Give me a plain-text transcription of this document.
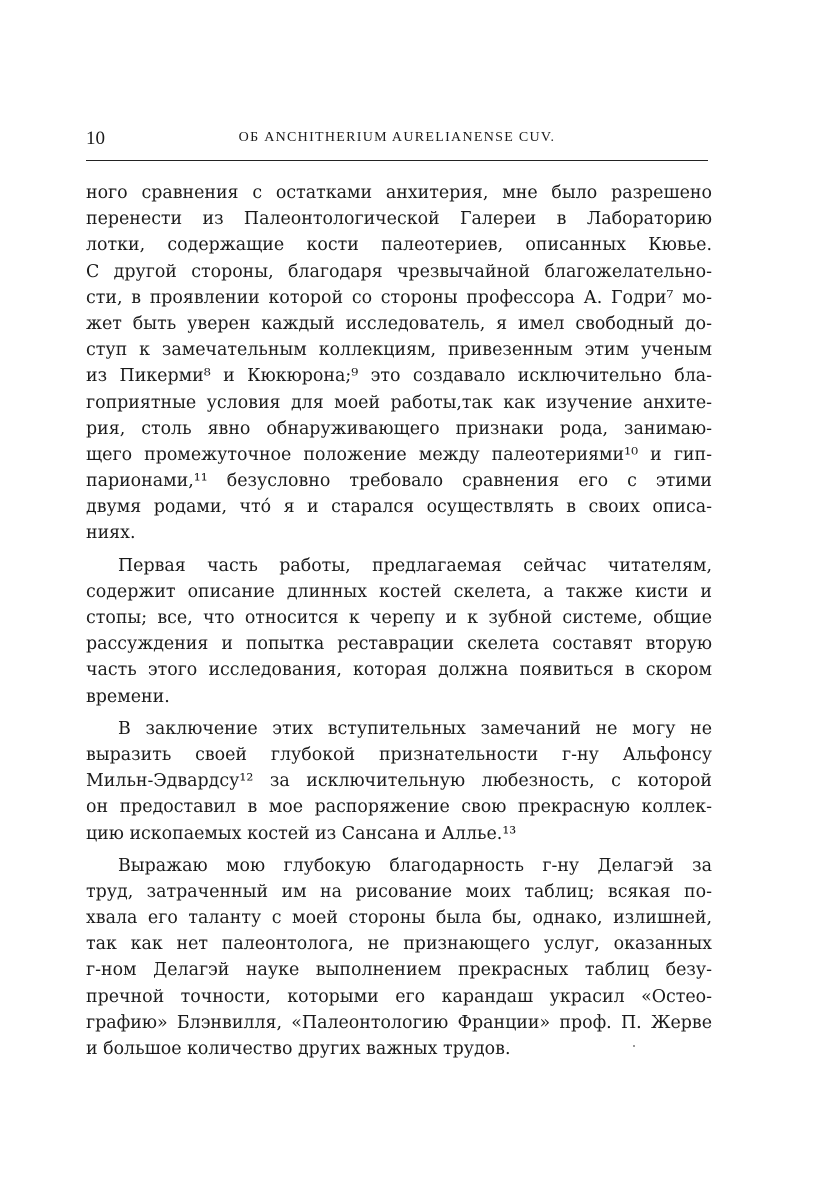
10	ОБ ANCHITHERIUM AURELIANENSE CUV.
ного сравнения с остатками анхитерия, мне было разрешено
перенести из Палеонтологической Галереи в Лабораторию
лотки, содержащие кости палеотериев, описанных Кювье.
С другой стороны, благодаря чрезвычайной благожелательно-
сти, в проявлении которой со стороны профессора А. Годри⁷ мо-
жет быть уверен каждый исследователь, я имел свободный до-
ступ к замечательным коллекциям, привезенным этим ученым
из Пикерми⁸ и Кюкюрона;⁹ это создавало исключительно бла-
гоприятные условия для моей работы,так как изучение анхите-
рия, столь явно обнаруживающего признаки рода, занимаю-
щего промежуточное положение между палеотериями¹⁰ и гип-
парионами,¹¹ безусловно требовало сравнения его с этими
двумя родами, что́ я и старался осуществлять в своих описа-
ниях.
Первая часть работы, предлагаемая сейчас читателям,
содержит описание длинных костей скелета, а также кисти и
стопы; все, что относится к черепу и к зубной системе, общие
рассуждения и попытка реставрации скелета составят вторую
часть этого исследования, которая должна появиться в скором
времени.
В заключение этих вступительных замечаний не могу не
выразить своей глубокой признательности г-ну Альфонсу
Мильн-Эдвардсу¹² за исключительную любезность, с которой
он предоставил в мое распоряжение свою прекрасную коллек-
цию ископаемых костей из Сансана и Аллье.¹³
Выражаю мою глубокую благодарность г-ну Делагэй за
труд, затраченный им на рисование моих таблиц; всякая по-
хвала его таланту с моей стороны была бы, однако, излишней,
так как нет палеонтолога, не признающего услуг, оказанных
г-ном Делагэй науке выполнением прекрасных таблиц безу-
пречной точности, которыми его карандаш украсил «Остео-
графию» Блэнвилля, «Палеонтологию Франции» проф. П. Жерве
и большое количество других важных трудов.
